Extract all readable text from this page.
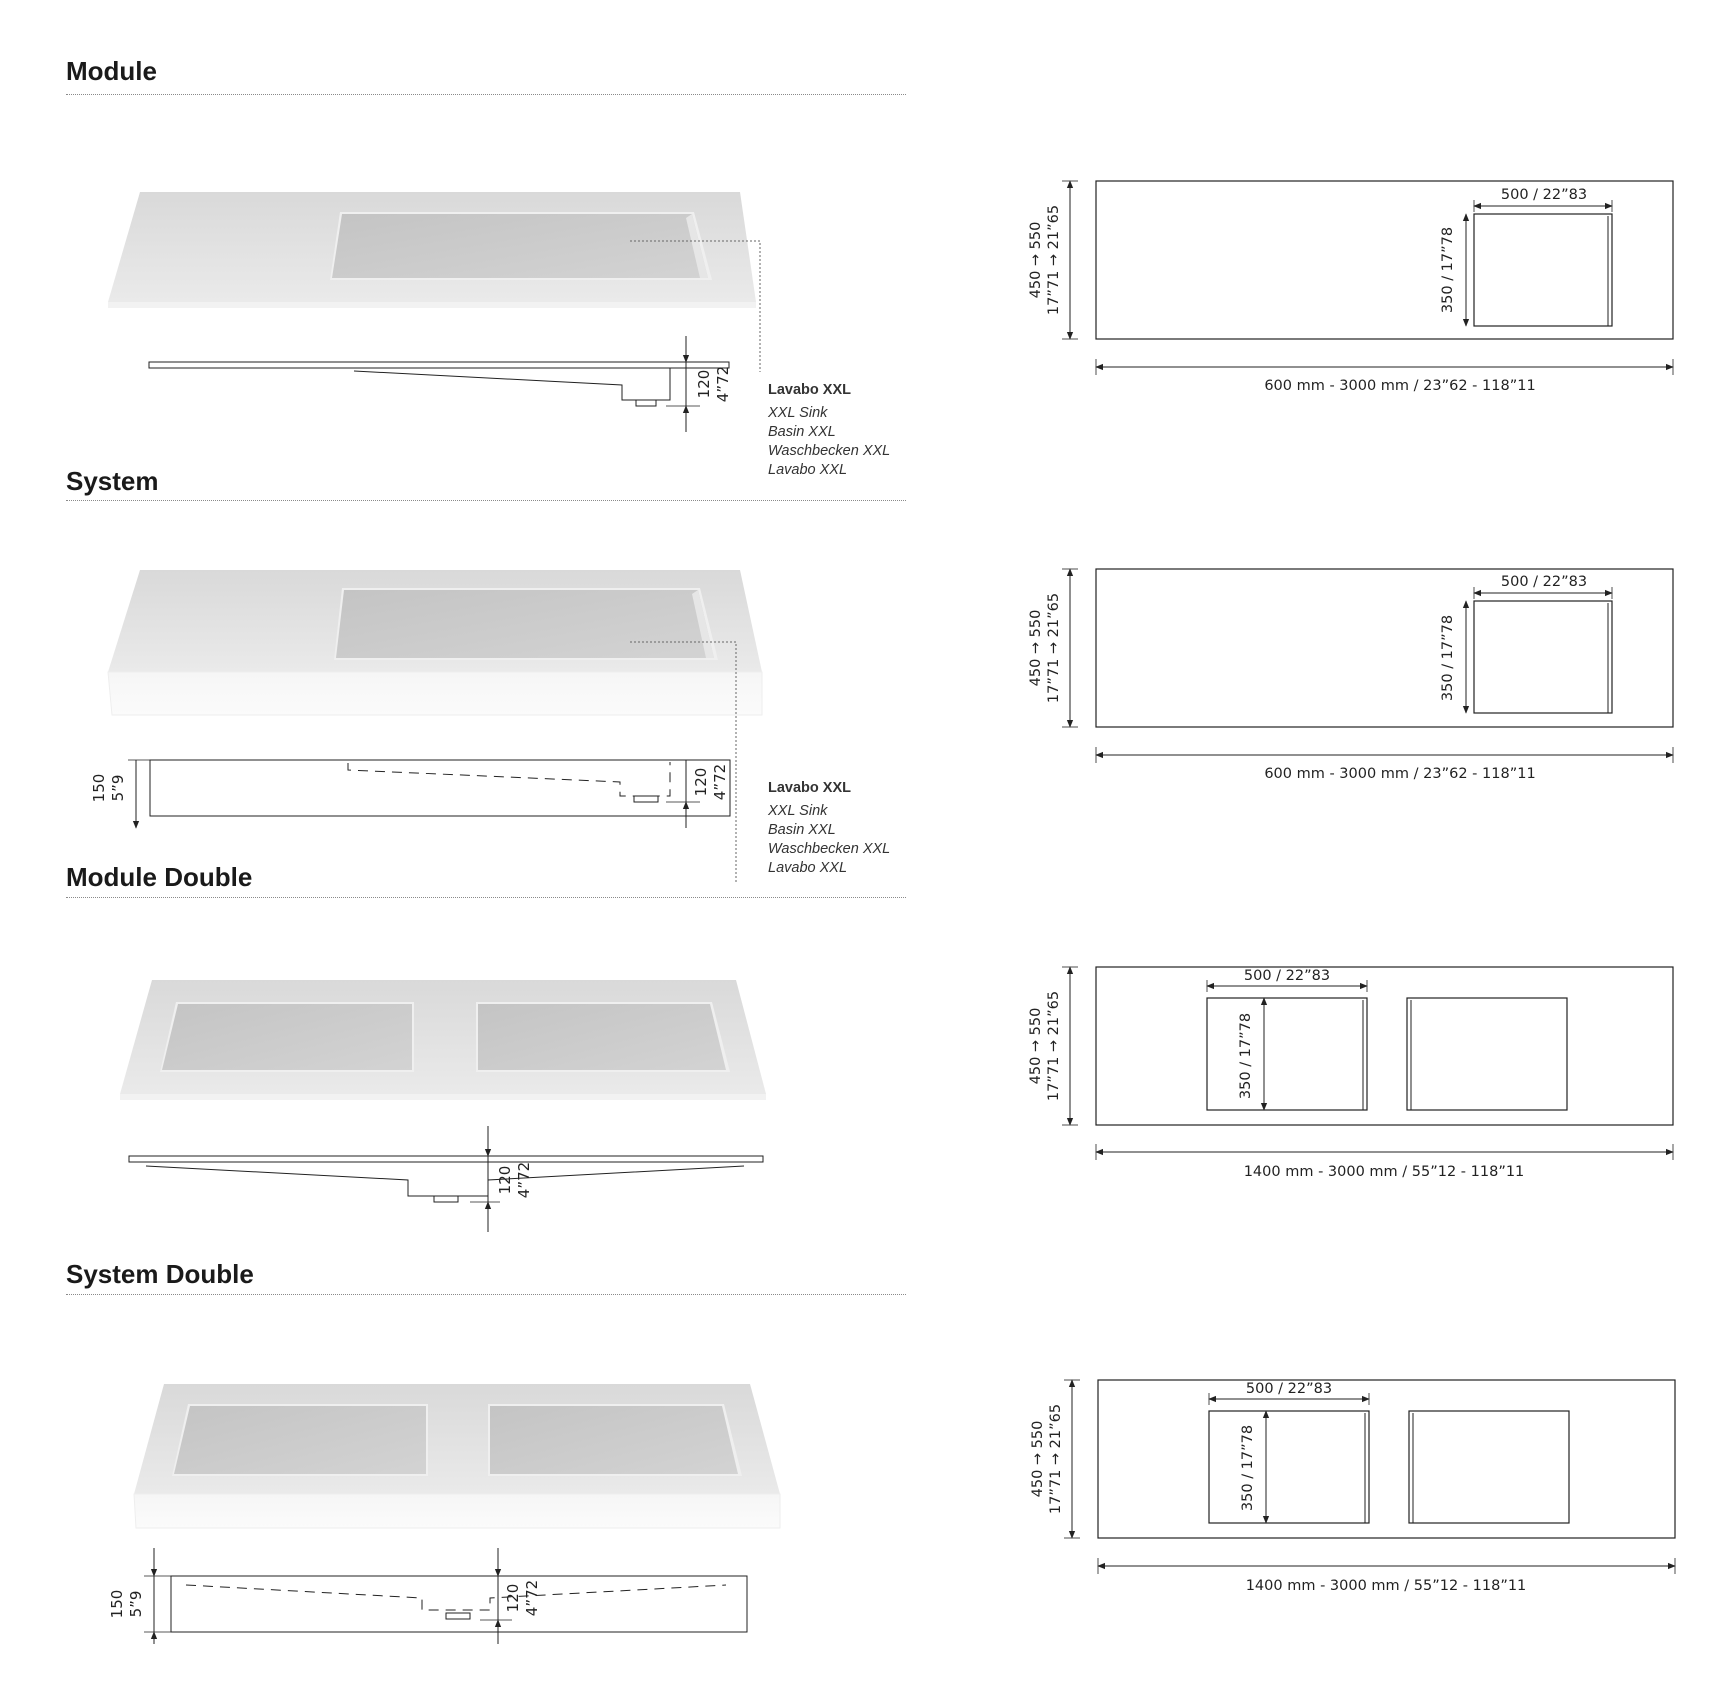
Module
System
Module Double
System Double
Lavabo XXL
XXL Sink
Basin XXL
Waschbecken XXL
Lavabo XXL
Lavabo XXL
XXL Sink
Basin XXL
Waschbecken XXL
Lavabo XXL
120 4”72
500 / 22”83
350 / 17”78
450 → 550 17”71 → 21”65
600 mm - 3000 mm / 23”62 - 118”11
150 5”9	120 4”72
500 / 22”83
350 / 17”78
450 → 550 17”71 → 21”65
600 mm - 3000 mm / 23”62 - 118”11
120 4”72
500 / 22”83
350 / 17”78
450 → 550 17”71 → 21”65
1400 mm - 3000 mm / 55”12 - 118”11
150 5”9	120 4”72
500 / 22”83
350 / 17”78
450 → 550 17”71 → 21”65
1400 mm - 3000 mm / 55”12 - 118”11
